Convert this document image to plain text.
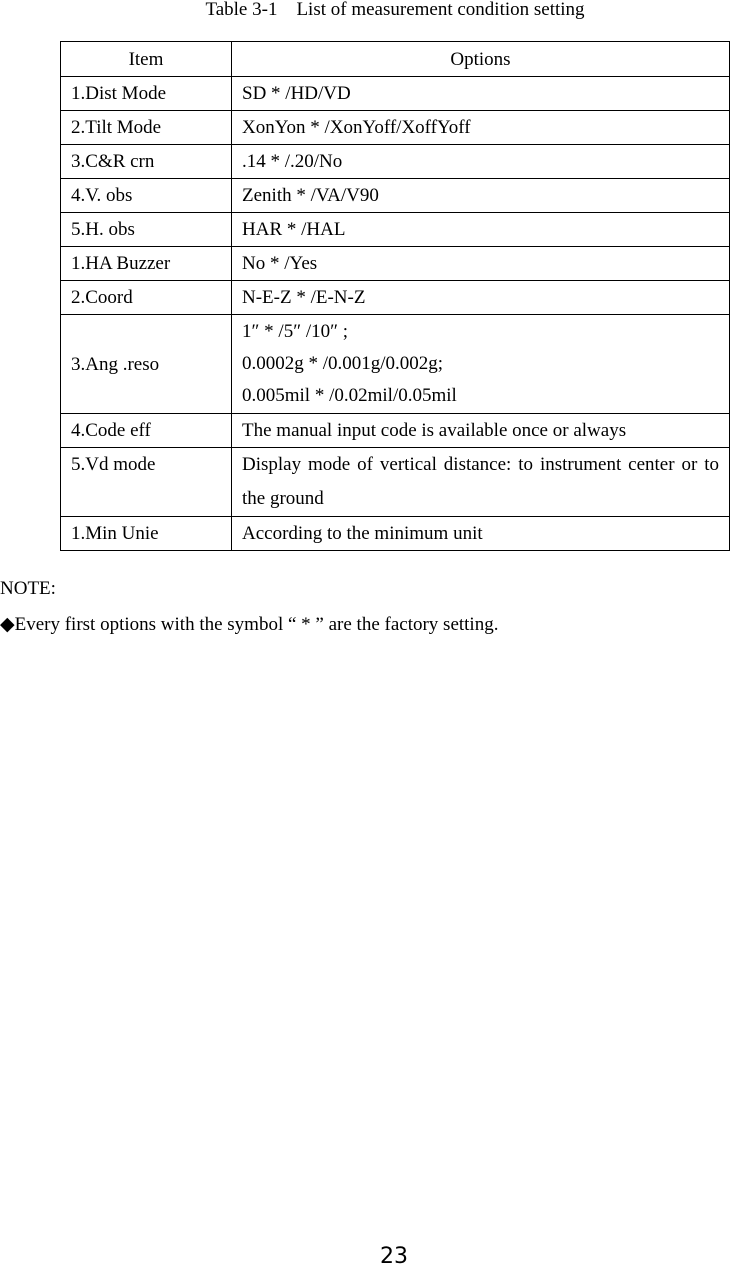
Table 3-1    List of measurement condition setting
Item	Options
1.Dist Mode	SD * /HD/VD
2.Tilt Mode	XonYon * /XonYoff/XoffYoff
3.C&R crn	.14 * /.20/No
4.V. obs	Zenith * /VA/V90
5.H. obs	HAR * /HAL
1.HA Buzzer	No * /Yes
2.Coord	N-E-Z * /E-N-Z
3.Ang .reso	1″ * /5″ /10″ ;
0.0002g * /0.001g/0.002g;
0.005mil * /0.02mil/0.05mil

4.Code eff	The manual input code is available once or always
5.Vd mode	Display mode of vertical distance: to instrument center or to the ground
1.Min Unie	According to the minimum unit
NOTE:
◆Every first options with the symbol “ * ” are the factory setting.
23
